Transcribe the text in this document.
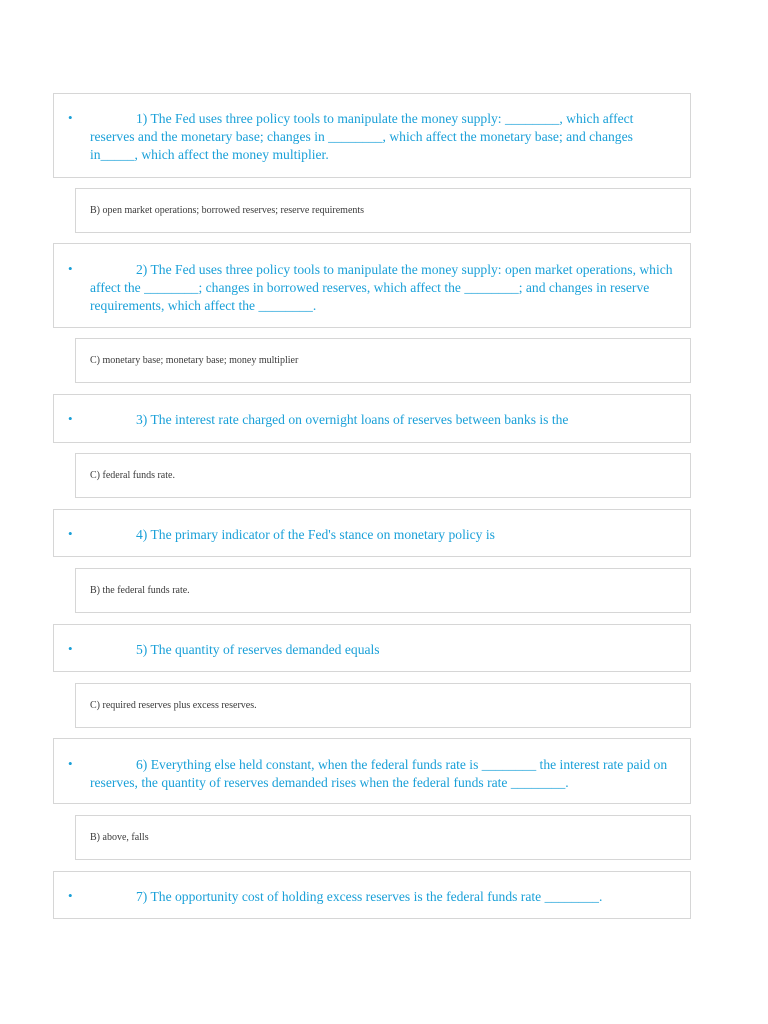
•	1) The Fed uses three policy tools to manipulate the money supply: ________, which affect reserves and the monetary base; changes in ________, which affect the monetary base; and changes in_____, which affect the money multiplier.
B) open market operations; borrowed reserves; reserve requirements
•	2) The Fed uses three policy tools to manipulate the money supply: open market operations, which affect the ________; changes in borrowed reserves, which affect the ________; and changes in reserve requirements, which affect the ________.
C) monetary base; monetary base; money multiplier
•	3) The interest rate charged on overnight loans of reserves between banks is the
C) federal funds rate.
•	4) The primary indicator of the Fed's stance on monetary policy is
B) the federal funds rate.
•	5) The quantity of reserves demanded equals
C) required reserves plus excess reserves.
•	6) Everything else held constant, when the federal funds rate is ________ the interest rate paid on reserves, the quantity of reserves demanded rises when the federal funds rate ________.
B) above, falls
•	7) The opportunity cost of holding excess reserves is the federal funds rate ________.
